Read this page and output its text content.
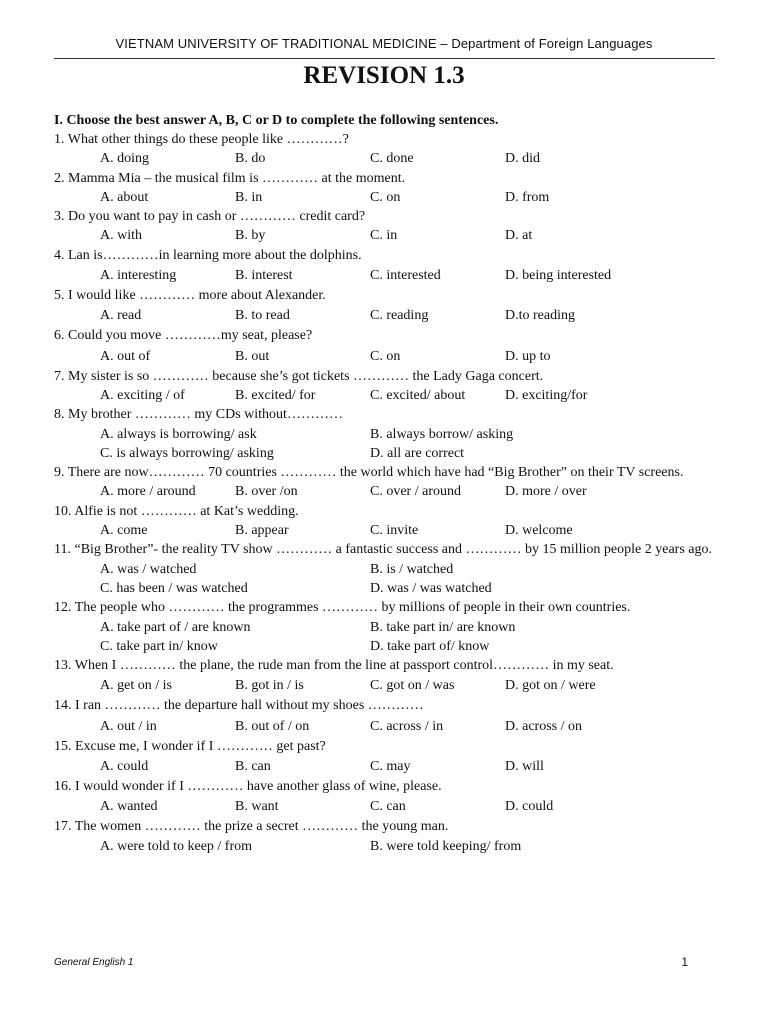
VIETNAM UNIVERSITY OF TRADITIONAL MEDICINE – Department of Foreign Languages
REVISION 1.3
I. Choose the best answer A, B, C or D to complete the following sentences.
1. What other things do these people like …………?
A. doing	B. do	C. done	D. did
2. Mamma Mia – the musical film is ………… at the moment.
A. about	B. in	C. on	D. from
3. Do you want to pay in cash or ………… credit card?
A. with	B. by	C. in	D. at
4. Lan is…………in learning more about the dolphins.
A. interesting	B. interest	C. interested	D. being interested
5. I would like ………… more about Alexander.
A. read	B. to read	C. reading	D.to reading
6. Could you move …………my seat, please?
A. out of	B. out	C. on	D. up to
7. My sister is so ………… because she’s got tickets ………… the Lady Gaga concert.
A. exciting / of	B. excited/ for	C. excited/ about	D. exciting/for
8. My brother ………… my CDs without…………
A. always is borrowing/ ask	B. always borrow/ asking
C. is always borrowing/ asking	D. all are correct
9. There are now………… 70 countries ………… the world which have had “Big Brother” on their TV screens.
A. more / around	B. over /on	C. over / around	D. more / over
10. Alfie is not ………… at Kat’s wedding.
A. come	B. appear	C. invite	D. welcome
11. “Big Brother”- the reality TV show ………… a fantastic success and ………… by 15 million people 2 years ago.
A. was / watched	B. is / watched
C. has been / was watched	D. was / was watched
12. The people who ………… the programmes ………… by millions of people in their own countries.
A. take part of / are known	B. take part in/ are known
C. take part in/ know	D. take part of/ know
13. When I ………… the plane, the rude man from the line at passport control………… in my seat.
A. get on / is	B. got in / is	C. got on / was	D. got on / were
14. I ran ………… the departure hall without my shoes …………
A. out / in	B. out of / on	C. across / in	D. across / on
15. Excuse me, I wonder if I ………… get past?
A. could	B. can	C. may	D. will
16. I would wonder if I ………… have another glass of wine, please.
A. wanted	B. want	C. can	D. could
17. The women ………… the prize a secret ………… the young man.
A. were told to keep / from	B. were told keeping/ from
General English 1	1
